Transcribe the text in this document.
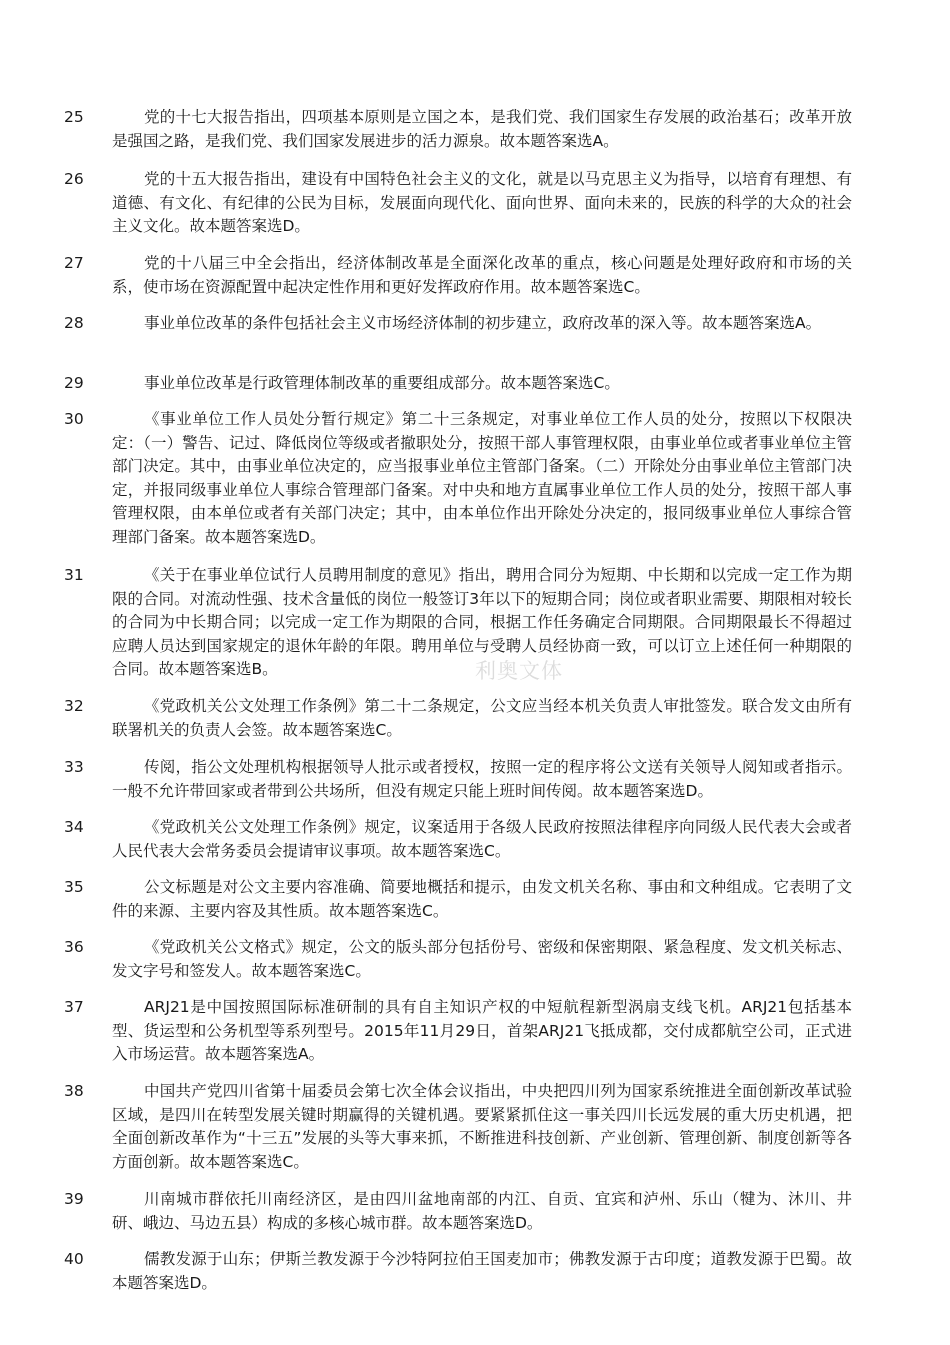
25	党的十七大报告指出，四项基本原则是立国之本，是我们党、我们国家生存发展的政治基石；改革开放是强国之路，是我们党、我们国家发展进步的活力源泉。故本题答案选A。

26	党的十五大报告指出，建设有中国特色社会主义的文化，就是以马克思主义为指导，以培育有理想、有道德、有文化、有纪律的公民为目标，发展面向现代化、面向世界、面向未来的，民族的科学的大众的社会主义文化。故本题答案选D。

27	党的十八届三中全会指出，经济体制改革是全面深化改革的重点，核心问题是处理好政府和市场的关系，使市场在资源配置中起决定性作用和更好发挥政府作用。故本题答案选C。

28	事业单位改革的条件包括社会主义市场经济体制的初步建立，政府改革的深入等。故本题答案选A。

29	事业单位改革是行政管理体制改革的重要组成部分。故本题答案选C。

30	《事业单位工作人员处分暂行规定》第二十三条规定，对事业单位工作人员的处分，按照以下权限决定：（一）警告、记过、降低岗位等级或者撤职处分，按照干部人事管理权限，由事业单位或者事业单位主管部门决定。其中，由事业单位决定的，应当报事业单位主管部门备案。（二）开除处分由事业单位主管部门决定，并报同级事业单位人事综合管理部门备案。对中央和地方直属事业单位工作人员的处分，按照干部人事管理权限，由本单位或者有关部门决定；其中，由本单位作出开除处分决定的，报同级事业单位人事综合管理部门备案。故本题答案选D。

31	《关于在事业单位试行人员聘用制度的意见》指出，聘用合同分为短期、中长期和以完成一定工作为期限的合同。对流动性强、技术含量低的岗位一般签订3年以下的短期合同；岗位或者职业需要、期限相对较长的合同为中长期合同；以完成一定工作为期限的合同，根据工作任务确定合同期限。合同期限最长不得超过应聘人员达到国家规定的退休年龄的年限。聘用单位与受聘人员经协商一致，可以订立上述任何一种期限的合同。故本题答案选B。

32	《党政机关公文处理工作条例》第二十二条规定，公文应当经本机关负责人审批签发。联合发文由所有联署机关的负责人会签。故本题答案选C。

33	传阅，指公文处理机构根据领导人批示或者授权，按照一定的程序将公文送有关领导人阅知或者指示。一般不允许带回家或者带到公共场所，但没有规定只能上班时间传阅。故本题答案选D。

34	《党政机关公文处理工作条例》规定，议案适用于各级人民政府按照法律程序向同级人民代表大会或者人民代表大会常务委员会提请审议事项。故本题答案选C。

35	公文标题是对公文主要内容准确、简要地概括和提示，由发文机关名称、事由和文种组成。它表明了文件的来源、主要内容及其性质。故本题答案选C。

36	《党政机关公文格式》规定，公文的版头部分包括份号、密级和保密期限、紧急程度、发文机关标志、发文字号和签发人。故本题答案选C。

37	ARJ21是中国按照国际标准研制的具有自主知识产权的中短航程新型涡扇支线飞机。ARJ21包括基本型、货运型和公务机型等系列型号。2015年11月29日，首架ARJ21飞抵成都，交付成都航空公司，正式进入市场运营。故本题答案选A。

38	中国共产党四川省第十届委员会第七次全体会议指出，中央把四川列为国家系统推进全面创新改革试验区域，是四川在转型发展关键时期赢得的关键机遇。要紧紧抓住这一事关四川长远发展的重大历史机遇，把全面创新改革作为“十三五”发展的头等大事来抓，不断推进科技创新、产业创新、管理创新、制度创新等各方面创新。故本题答案选C。

39	川南城市群依托川南经济区，是由四川盆地南部的内江、自贡、宜宾和泸州、乐山（犍为、沐川、井研、峨边、马边五县）构成的多核心城市群。故本题答案选D。

40	儒教发源于山东；伊斯兰教发源于今沙特阿拉伯王国麦加市；佛教发源于古印度；道教发源于巴蜀。故本题答案选D。

利奥文体
